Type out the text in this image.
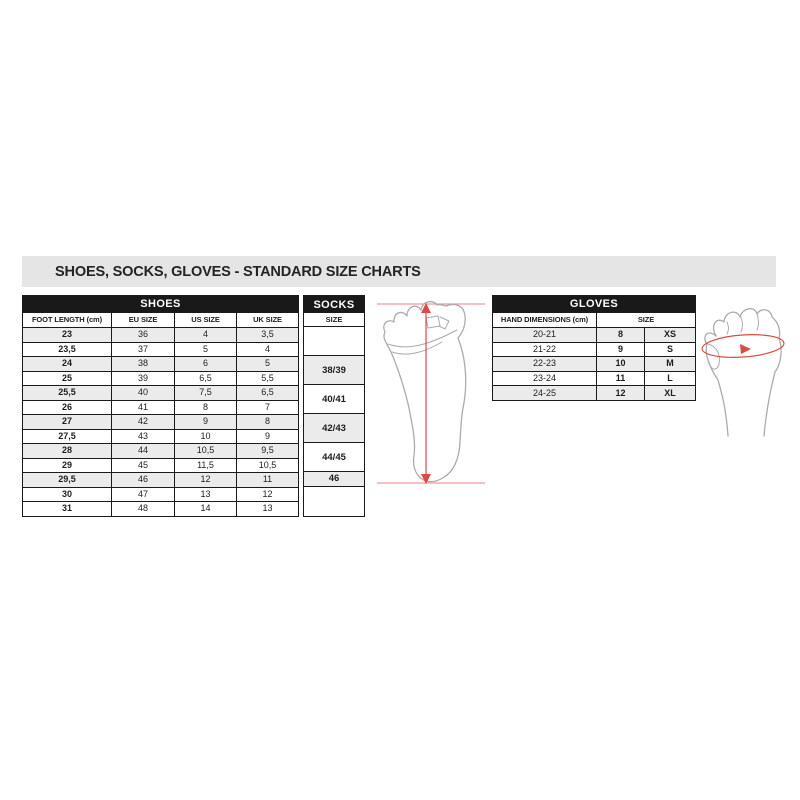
SHOES, SOCKS, GLOVES - STANDARD SIZE CHARTS
SHOES			
FOOT LENGTH (cm)	EU SIZE	US SIZE	UK SIZE
23	36	4	3,5
23,5	37	5	4
24	38	6	5
25	39	6,5	5,5
25,5	40	7,5	6,5
26	41	8	7
27	42	9	8
27,5	43	10	9
28	44	10,5	9,5
29	45	11,5	10,5
29,5	46	12	11
30	47	13	12
31	48	14	13
SOCKS
SIZE
38/39
40/41
42/43
44/45
46
GLOVES		
HAND DIMENSIONS (cm)	SIZE	
20-21	8	XS
21-22	9	S
22-23	10	M
23-24	11	L
24-25	12	XL
